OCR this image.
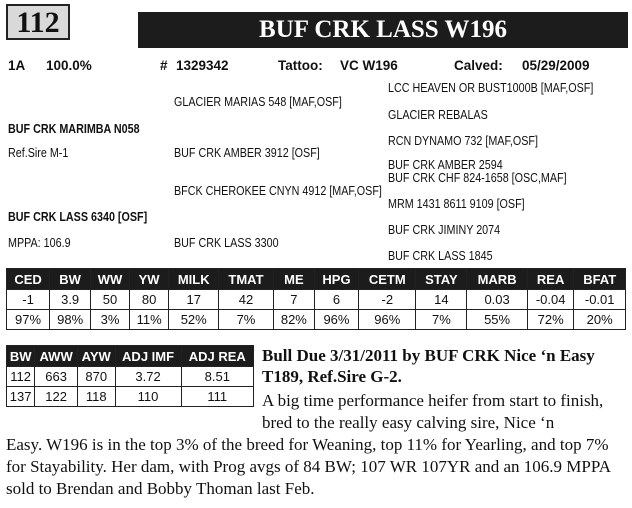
112	BUF CRK LASS W196
1A 100.0%	# 1329342	Tattoo: VC W196	Calved: 05/29/2009
LCC HEAVEN OR BUST1000B [MAF,OSF]
GLACIER MARIAS 548 [MAF,OSF]
GLACIER REBALAS
BUF CRK MARIMBA N058
RCN DYNAMO 732 [MAF,OSF]
Ref.Sire M-1	BUF CRK AMBER 3912 [OSF]
BUF CRK AMBER 2594
BUF CRK CHF 824-1658 [OSC,MAF]
BFCK CHEROKEE CNYN 4912 [MAF,OSF]
MRM 1431 8611 9109 [OSF]
BUF CRK LASS 6340 [OSF]
BUF CRK JIMINY 2074
MPPA: 106.9	BUF CRK LASS 3300
BUF CRK LASS 1845
CED	BW	WW	YW	MILK	TMAT	ME	HPG	CETM	STAY	MARB	REA	BFAT
-1	3.9	50	80	17	42	7	6	-2	14	0.03	-0.04	-0.01
97%	98%	3%	11%	52%	7%	82%	96%	96%	7%	55%	72%	20%
BW	AWW	AYW	ADJ IMF	ADJ REA
112	663	870	3.72	8.51
137	122	118	110	111
Bull Due 3/31/2011 by BUF CRK Nice ‘n Easy T189, Ref.Sire G-2.
A big time performance heifer from start to finish, bred to the really easy calving sire, Nice ‘n
Easy. W196 is in the top 3% of the breed for Weaning, top 11% for Yearling, and top 7% for Stayability. Her dam, with Prog avgs of 84 BW; 107 WR 107YR and an 106.9 MPPA sold to Brendan and Bobby Thoman last Feb.
